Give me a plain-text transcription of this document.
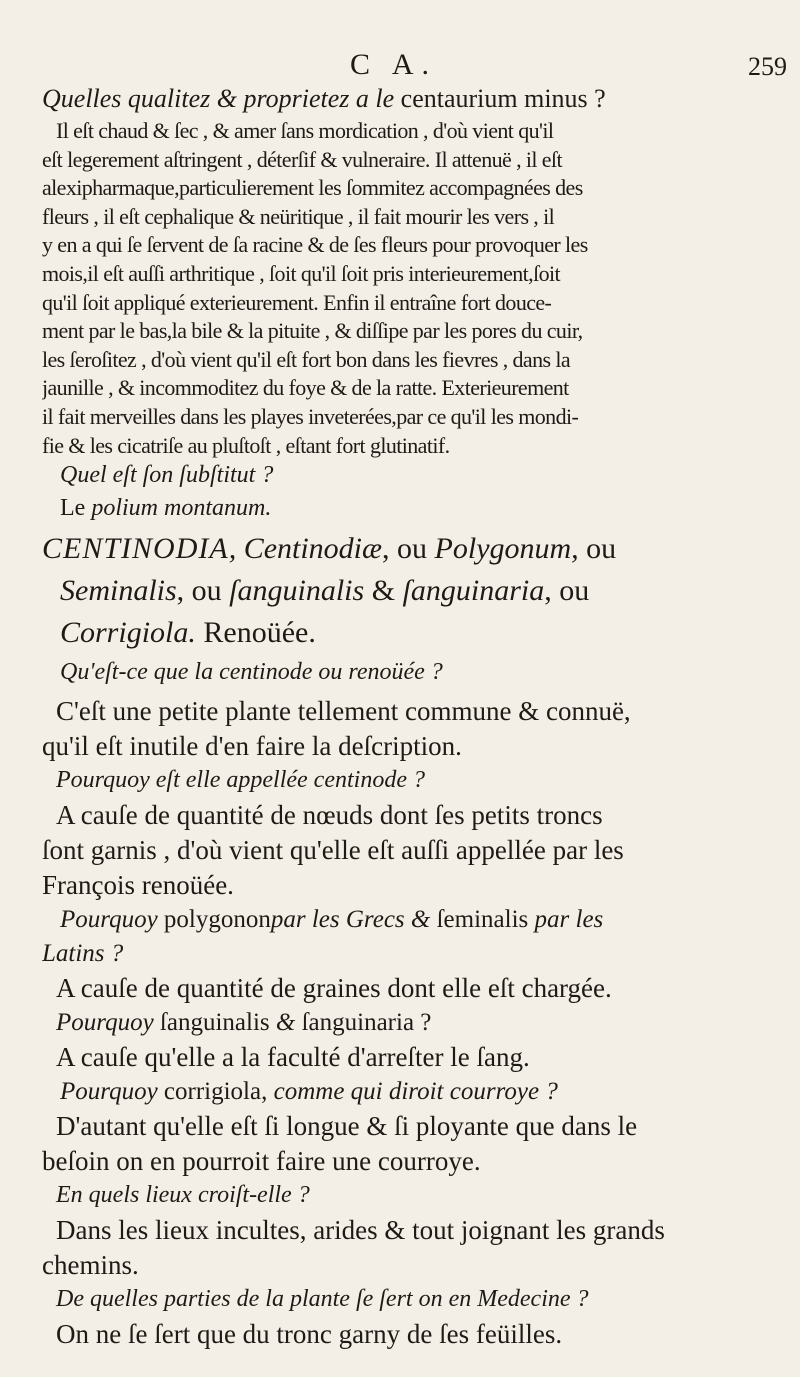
C A.	259
Quelles qualitez & proprietez a le centaurium minus ?
Il eſt chaud & ſec , & amer ſans mordication , d'où vient qu'il
eſt legerement aſtringent , déterſif & vulneraire. Il attenuë , il eſt
alexipharmaque,particulierement les ſommitez accompagnées des
fleurs , il eſt cephalique & neüritique , il fait mourir les vers , il
y en a qui ſe ſervent de ſa racine & de ſes fleurs pour provoquer les
mois,il eſt auſſi arthritique , ſoit qu'il ſoit pris interieurement,ſoit
qu'il ſoit appliqué exterieurement. Enfin il entraîne fort douce-
ment par le bas,la bile & la pituite , & diſſipe par les pores du cuir,
les ſeroſitez , d'où vient qu'il eſt fort bon dans les fievres , dans la
jaunille , & incommoditez du foye & de la ratte. Exterieurement
il fait merveilles dans les playes inveterées,par ce qu'il les mondi-
fie & les cicatriſe au pluſtoſt , eſtant fort glutinatif.
Quel eſt ſon ſubſtitut ?
Le polium montanum.
CENTINODIA, Centinodiæ, ou Polygonum, ou
Seminalis, ou ſanguinalis & ſanguinaria, ou
Corrigiola. Renoüée.
Qu'eſt-ce que la centinode ou renoüée ?
C'eſt une petite plante tellement commune & connuë,
qu'il eſt inutile d'en faire la deſcription.
Pourquoy eſt elle appellée centinode ?
A cauſe de quantité de nœuds dont ſes petits troncs
ſont garnis , d'où vient qu'elle eſt auſſi appellée par les
François renoüée.
Pourquoy polygononpar les Grecs & ſeminalis par les
Latins ?
A cauſe de quantité de graines dont elle eſt chargée.
Pourquoy ſanguinalis & ſanguinaria ?
A cauſe qu'elle a la faculté d'arreſter le ſang.
Pourquoy corrigiola, comme qui diroit courroye ?
D'autant qu'elle eſt ſi longue & ſi ployante que dans le
beſoin on en pourroit faire une courroye.
En quels lieux croiſt-elle ?
Dans les lieux incultes, arides & tout joignant les grands
chemins.
De quelles parties de la plante ſe ſert on en Medecine ?
On ne ſe ſert que du tronc garny de ſes feüilles.
